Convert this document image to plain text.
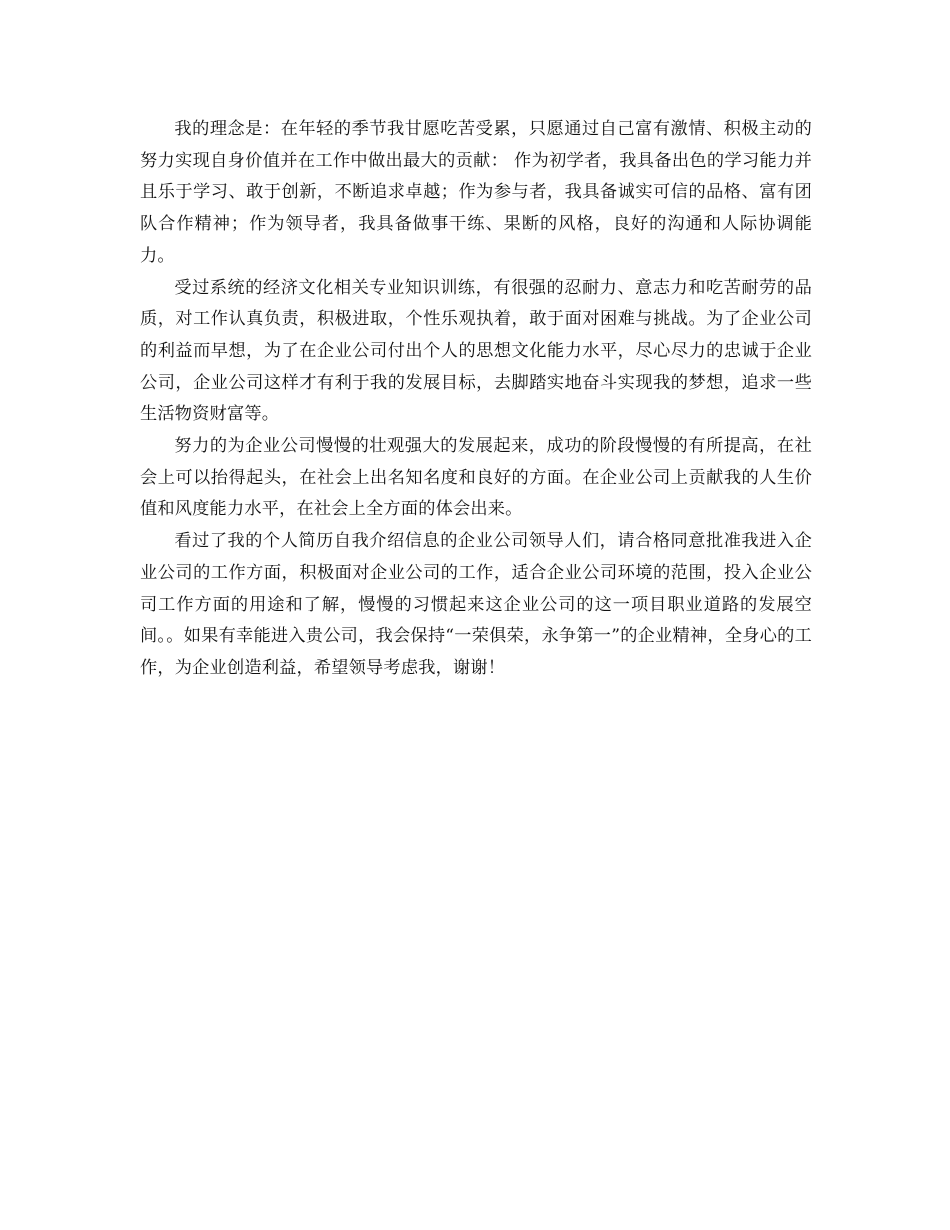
我的理念是：在年轻的季节我甘愿吃苦受累，只愿通过自己富有激情、积极主动的努力实现自身价值并在工作中做出最大的贡献： 作为初学者，我具备出色的学习能力并且乐于学习、敢于创新，不断追求卓越；作为参与者，我具备诚实可信的品格、富有团队合作精神；作为领导者，我具备做事干练、果断的风格，良好的沟通和人际协调能力。

受过系统的经济文化相关专业知识训练，有很强的忍耐力、意志力和吃苦耐劳的品质，对工作认真负责，积极进取，个性乐观执着，敢于面对困难与挑战。为了企业公司的利益而早想，为了在企业公司付出个人的思想文化能力水平，尽心尽力的忠诚于企业公司，企业公司这样才有利于我的发展目标，去脚踏实地奋斗实现我的梦想，追求一些生活物资财富等。

努力的为企业公司慢慢的壮观强大的发展起来，成功的阶段慢慢的有所提高，在社会上可以抬得起头，在社会上出名知名度和良好的方面。在企业公司上贡献我的人生价值和风度能力水平，在社会上全方面的体会出来。

看过了我的个人简历自我介绍信息的企业公司领导人们，请合格同意批准我进入企业公司的工作方面，积极面对企业公司的工作，适合企业公司环境的范围，投入企业公司工作方面的用途和了解，慢慢的习惯起来这企业公司的这一项目职业道路的发展空间。。如果有幸能进入贵公司，我会保持“一荣俱荣，永争第一”的企业精神，全身心的工作，为企业创造利益，希望领导考虑我，谢谢！
